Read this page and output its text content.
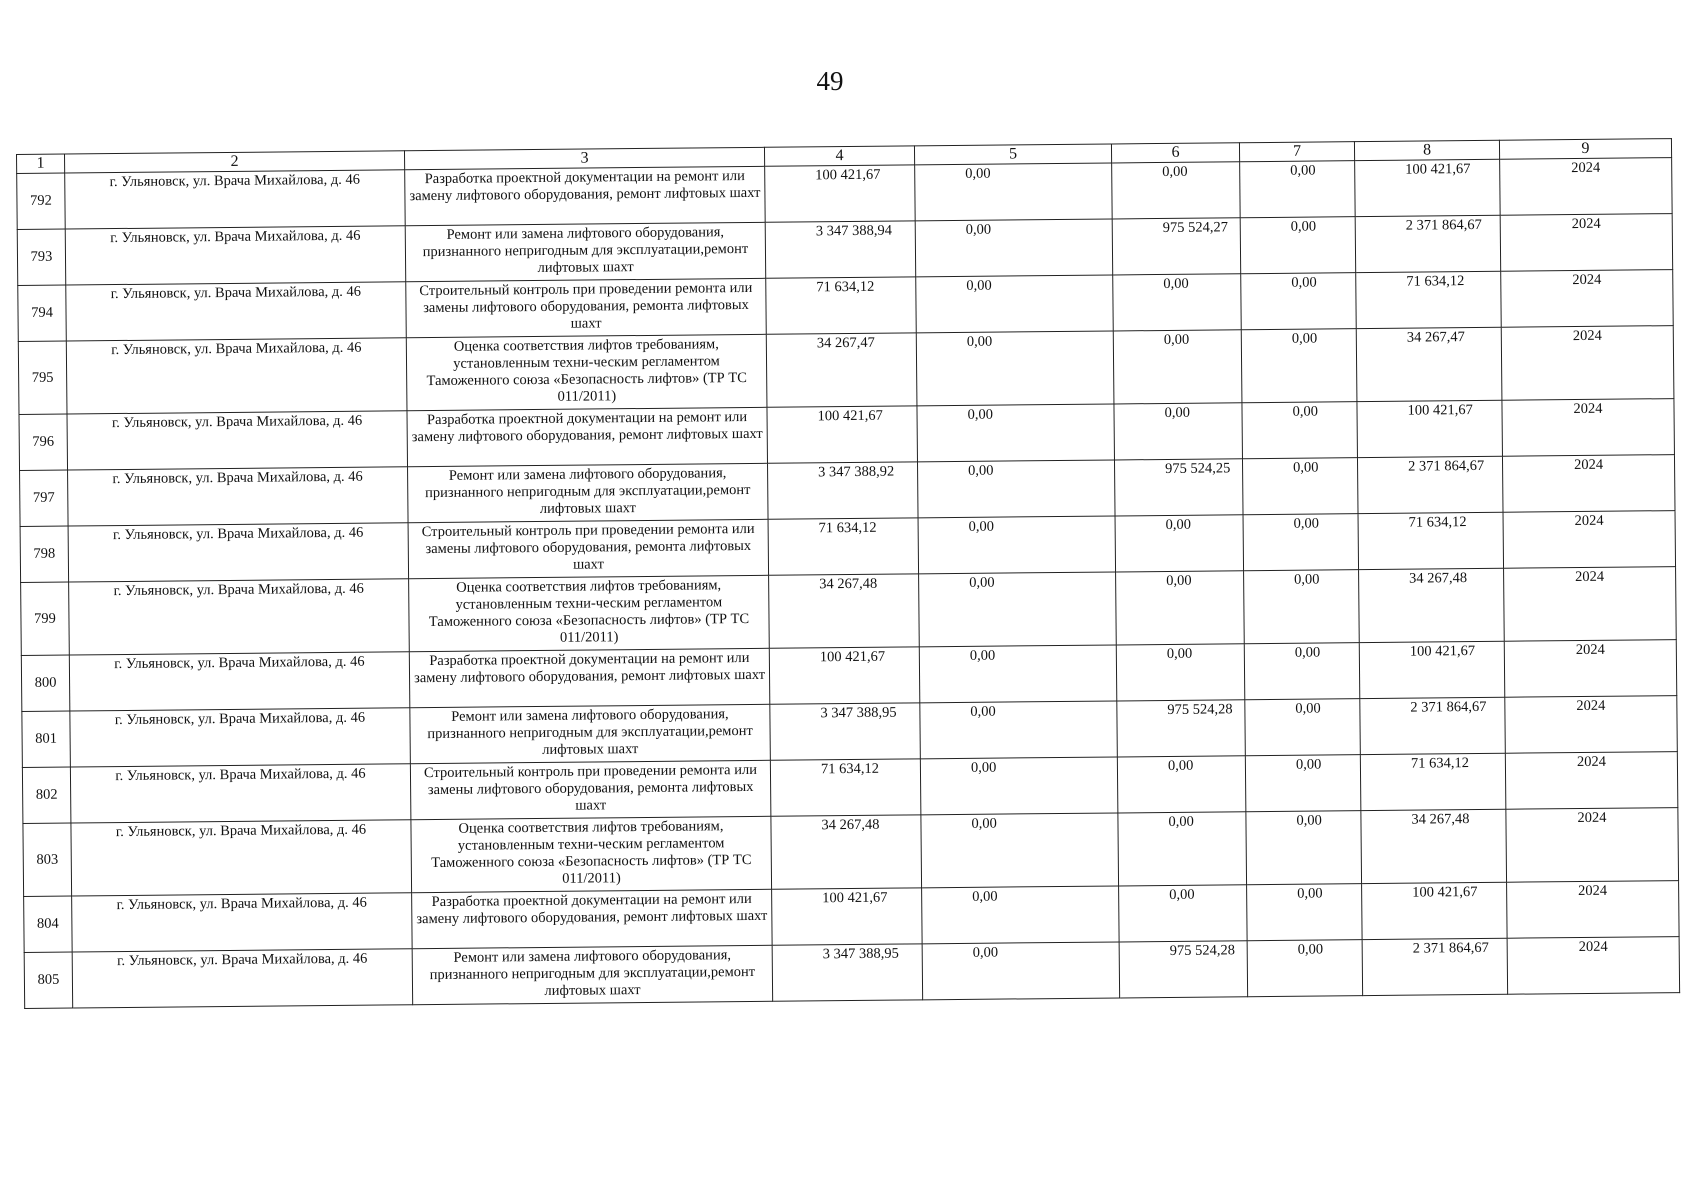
49
1	2	3	4	5	6	7	8	9
792	г. Ульяновск, ул. Врача Михайлова, д. 46	Разработка проектной документации на ремонт или замену лифтового оборудования, ремонт лифтовых шахт	100 421,67	0,00	0,00	0,00	100 421,67	2024
793	г. Ульяновск, ул. Врача Михайлова, д. 46	Ремонт или замена лифтового оборудования, признанного непригодным для эксплуатации,ремонт лифтовых шахт	3 347 388,94	0,00	975 524,27	0,00	2 371 864,67	2024
794	г. Ульяновск, ул. Врача Михайлова, д. 46	Строительный контроль при проведении ремонта или замены лифтового оборудования, ремонта лифтовых шахт	71 634,12	0,00	0,00	0,00	71 634,12	2024
795	г. Ульяновск, ул. Врача Михайлова, д. 46	Оценка соответствия лифтов требованиям, установленным техни-ческим регламентом Таможенного союза «Безопасность лифтов» (ТР ТС 011/2011)	34 267,47	0,00	0,00	0,00	34 267,47	2024
796	г. Ульяновск, ул. Врача Михайлова, д. 46	Разработка проектной документации на ремонт или замену лифтового оборудования, ремонт лифтовых шахт	100 421,67	0,00	0,00	0,00	100 421,67	2024
797	г. Ульяновск, ул. Врача Михайлова, д. 46	Ремонт или замена лифтового оборудования, признанного непригодным для эксплуатации,ремонт лифтовых шахт	3 347 388,92	0,00	975 524,25	0,00	2 371 864,67	2024
798	г. Ульяновск, ул. Врача Михайлова, д. 46	Строительный контроль при проведении ремонта или замены лифтового оборудования, ремонта лифтовых шахт	71 634,12	0,00	0,00	0,00	71 634,12	2024
799	г. Ульяновск, ул. Врача Михайлова, д. 46	Оценка соответствия лифтов требованиям, установленным техни-ческим регламентом Таможенного союза «Безопасность лифтов» (ТР ТС 011/2011)	34 267,48	0,00	0,00	0,00	34 267,48	2024
800	г. Ульяновск, ул. Врача Михайлова, д. 46	Разработка проектной документации на ремонт или замену лифтового оборудования, ремонт лифтовых шахт	100 421,67	0,00	0,00	0,00	100 421,67	2024
801	г. Ульяновск, ул. Врача Михайлова, д. 46	Ремонт или замена лифтового оборудования, признанного непригодным для эксплуатации,ремонт лифтовых шахт	3 347 388,95	0,00	975 524,28	0,00	2 371 864,67	2024
802	г. Ульяновск, ул. Врача Михайлова, д. 46	Строительный контроль при проведении ремонта или замены лифтового оборудования, ремонта лифтовых шахт	71 634,12	0,00	0,00	0,00	71 634,12	2024
803	г. Ульяновск, ул. Врача Михайлова, д. 46	Оценка соответствия лифтов требованиям, установленным техни-ческим регламентом Таможенного союза «Безопасность лифтов» (ТР ТС 011/2011)	34 267,48	0,00	0,00	0,00	34 267,48	2024
804	г. Ульяновск, ул. Врача Михайлова, д. 46	Разработка проектной документации на ремонт или замену лифтового оборудования, ремонт лифтовых шахт	100 421,67	0,00	0,00	0,00	100 421,67	2024
805	г. Ульяновск, ул. Врача Михайлова, д. 46	Ремонт или замена лифтового оборудования, признанного непригодным для эксплуатации,ремонт лифтовых шахт	3 347 388,95	0,00	975 524,28	0,00	2 371 864,67	2024
